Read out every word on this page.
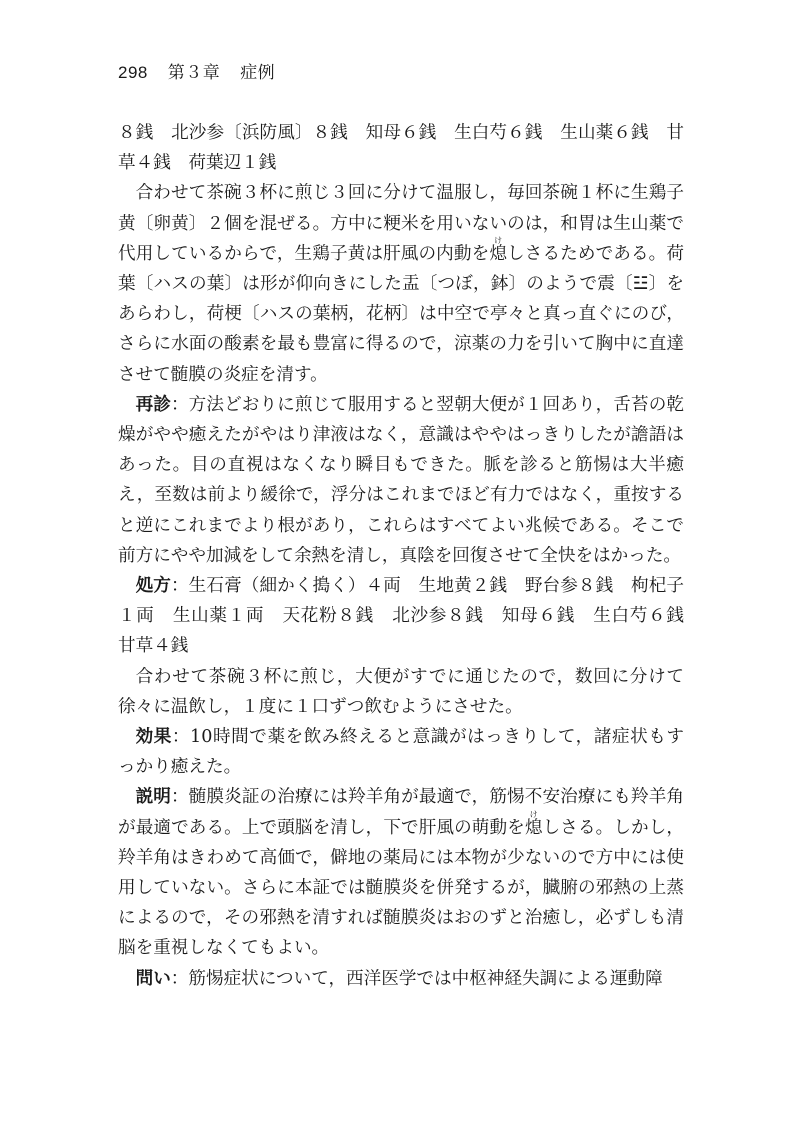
298 第３章 症例

８銭　北沙参〔浜防風〕８銭　知母６銭　生白芍６銭　生山薬６銭　甘草４銭　荷葉辺１銭

合わせて茶碗３杯に煎じ３回に分けて温服し，毎回茶碗１杯に生鶏子黄〔卵黄〕２個を混ぜる。方中に粳米を用いないのは，和胃は生山薬で代用しているからで，生鶏子黄は肝風の内動を熄けしさるためである。荷葉〔ハスの葉〕は形が仰向きにした盂〔つぼ，鉢〕のようで震〔☳〕をあらわし，荷梗〔ハスの葉柄，花柄〕は中空で亭々と真っ直ぐにのび，さらに水面の酸素を最も豊富に得るので，涼薬の力を引いて胸中に直達させて髄膜の炎症を清す。

再診：方法どおりに煎じて服用すると翌朝大便が１回あり，舌苔の乾燥がやや癒えたがやはり津液はなく，意識はややはっきりしたが譫語はあった。目の直視はなくなり瞬目もできた。脈を診ると筋惕は大半癒え，至数は前より緩徐で，浮分はこれまでほど有力ではなく，重按すると逆にこれまでより根があり，これらはすべてよい兆候である。そこで前方にやや加減をして余熱を清し，真陰を回復させて全快をはかった。

処方：生石膏（細かく搗く）４両　生地黄２銭　野台参８銭　枸杞子１両　生山薬１両　天花粉８銭　北沙参８銭　知母６銭　生白芍６銭　甘草４銭

合わせて茶碗３杯に煎じ，大便がすでに通じたので，数回に分けて徐々に温飲し，１度に１口ずつ飲むようにさせた。

効果：10時間で薬を飲み終えると意識がはっきりして，諸症状もすっかり癒えた。

説明：髄膜炎証の治療には羚羊角が最適で，筋惕不安治療にも羚羊角が最適である。上で頭脳を清し，下で肝風の萌動を熄けしさる。しかし，羚羊角はきわめて高価で，僻地の薬局には本物が少ないので方中には使用していない。さらに本証では髄膜炎を併発するが，臓腑の邪熱の上蒸によるので，その邪熱を清すれば髄膜炎はおのずと治癒し，必ずしも清脳を重視しなくてもよい。

問い：筋惕症状について，西洋医学では中枢神経失調による運動障
